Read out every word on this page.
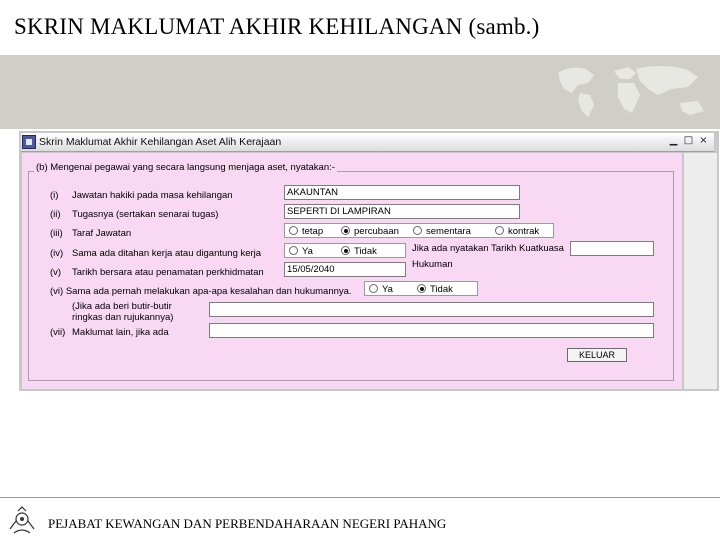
SKRIN MAKLUMAT AKHIR KEHILANGAN (samb.)
Skrin Maklumat Akhir Kehilangan Aset Alih Kerajaan	▁ □ ×
(b) Mengenai pegawai yang secara langsung menjaga aset, nyatakan:-
(i) Jawatan hakiki pada masa kehilangan	AKAUNTAN
(ii) Tugasnya (sertakan senarai tugas)	SEPERTI DI LAMPIRAN
(iii) Taraf Jawatan	tetap	percubaan	sementara	kontrak
(iv) Sama ada ditahan kerja atau digantung kerja	Ya	Tidak	Jika ada nyatakan Tarikh Kuatkuasa
Hukuman
(v) Tarikh bersara atau penamatan perkhidmatan	15/05/2040
(vi) Sama ada pernah melakukan apa-apa kesalahan dan hukumannya.	Ya	Tidak
(Jika ada beri butir-butir
ringkas dan rujukannya)
(vii) Maklumat lain, jika ada
KELUAR
PEJABAT KEWANGAN DAN PERBENDAHARAAN NEGERI PAHANG
